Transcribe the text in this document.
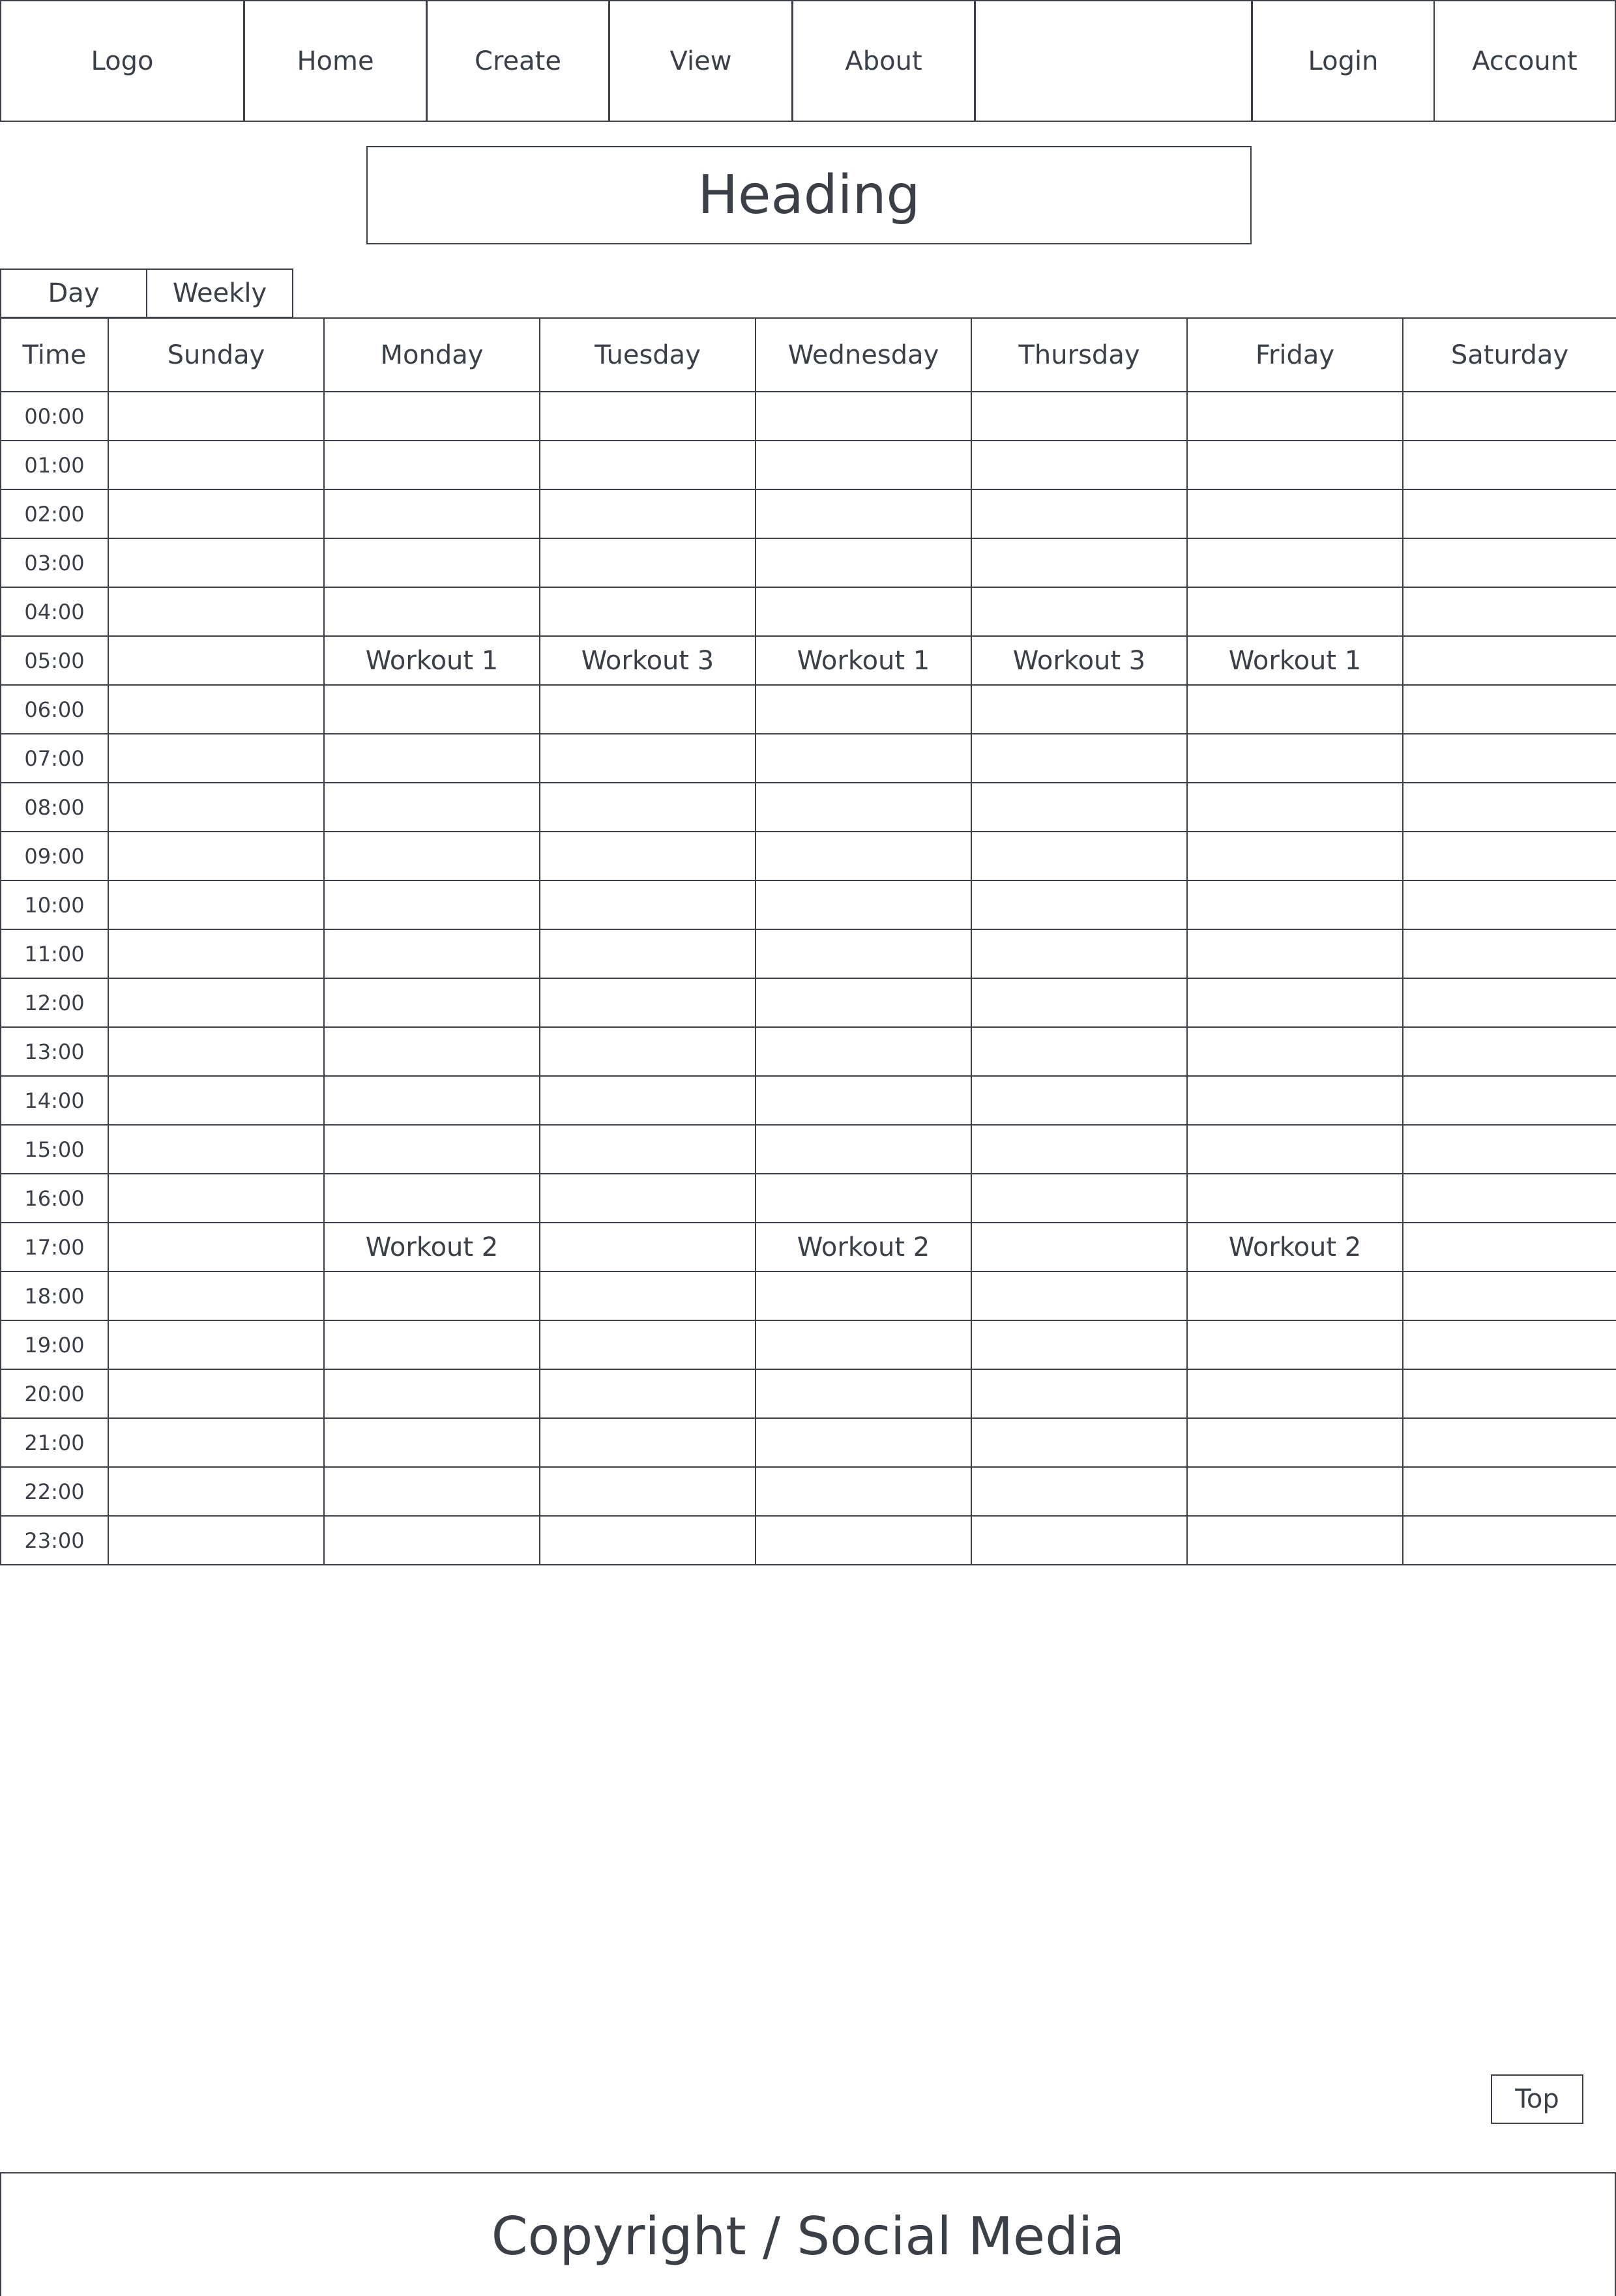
Logo	Home	Create	View	About	Login	Account
Heading
Day	Weekly
Time	Sunday	Monday	Tuesday	Wednesday	Thursday	Friday	Saturday
00:00							
01:00							
02:00							
03:00							
04:00							
05:00		Workout 1	Workout 3	Workout 1	Workout 3	Workout 1	
06:00							
07:00							
08:00							
09:00							
10:00							
11:00							
12:00							
13:00							
14:00							
15:00							
16:00							
17:00		Workout 2		Workout 2		Workout 2	
18:00							
19:00							
20:00							
21:00							
22:00							
23:00							
Top
Copyright / Social Media
